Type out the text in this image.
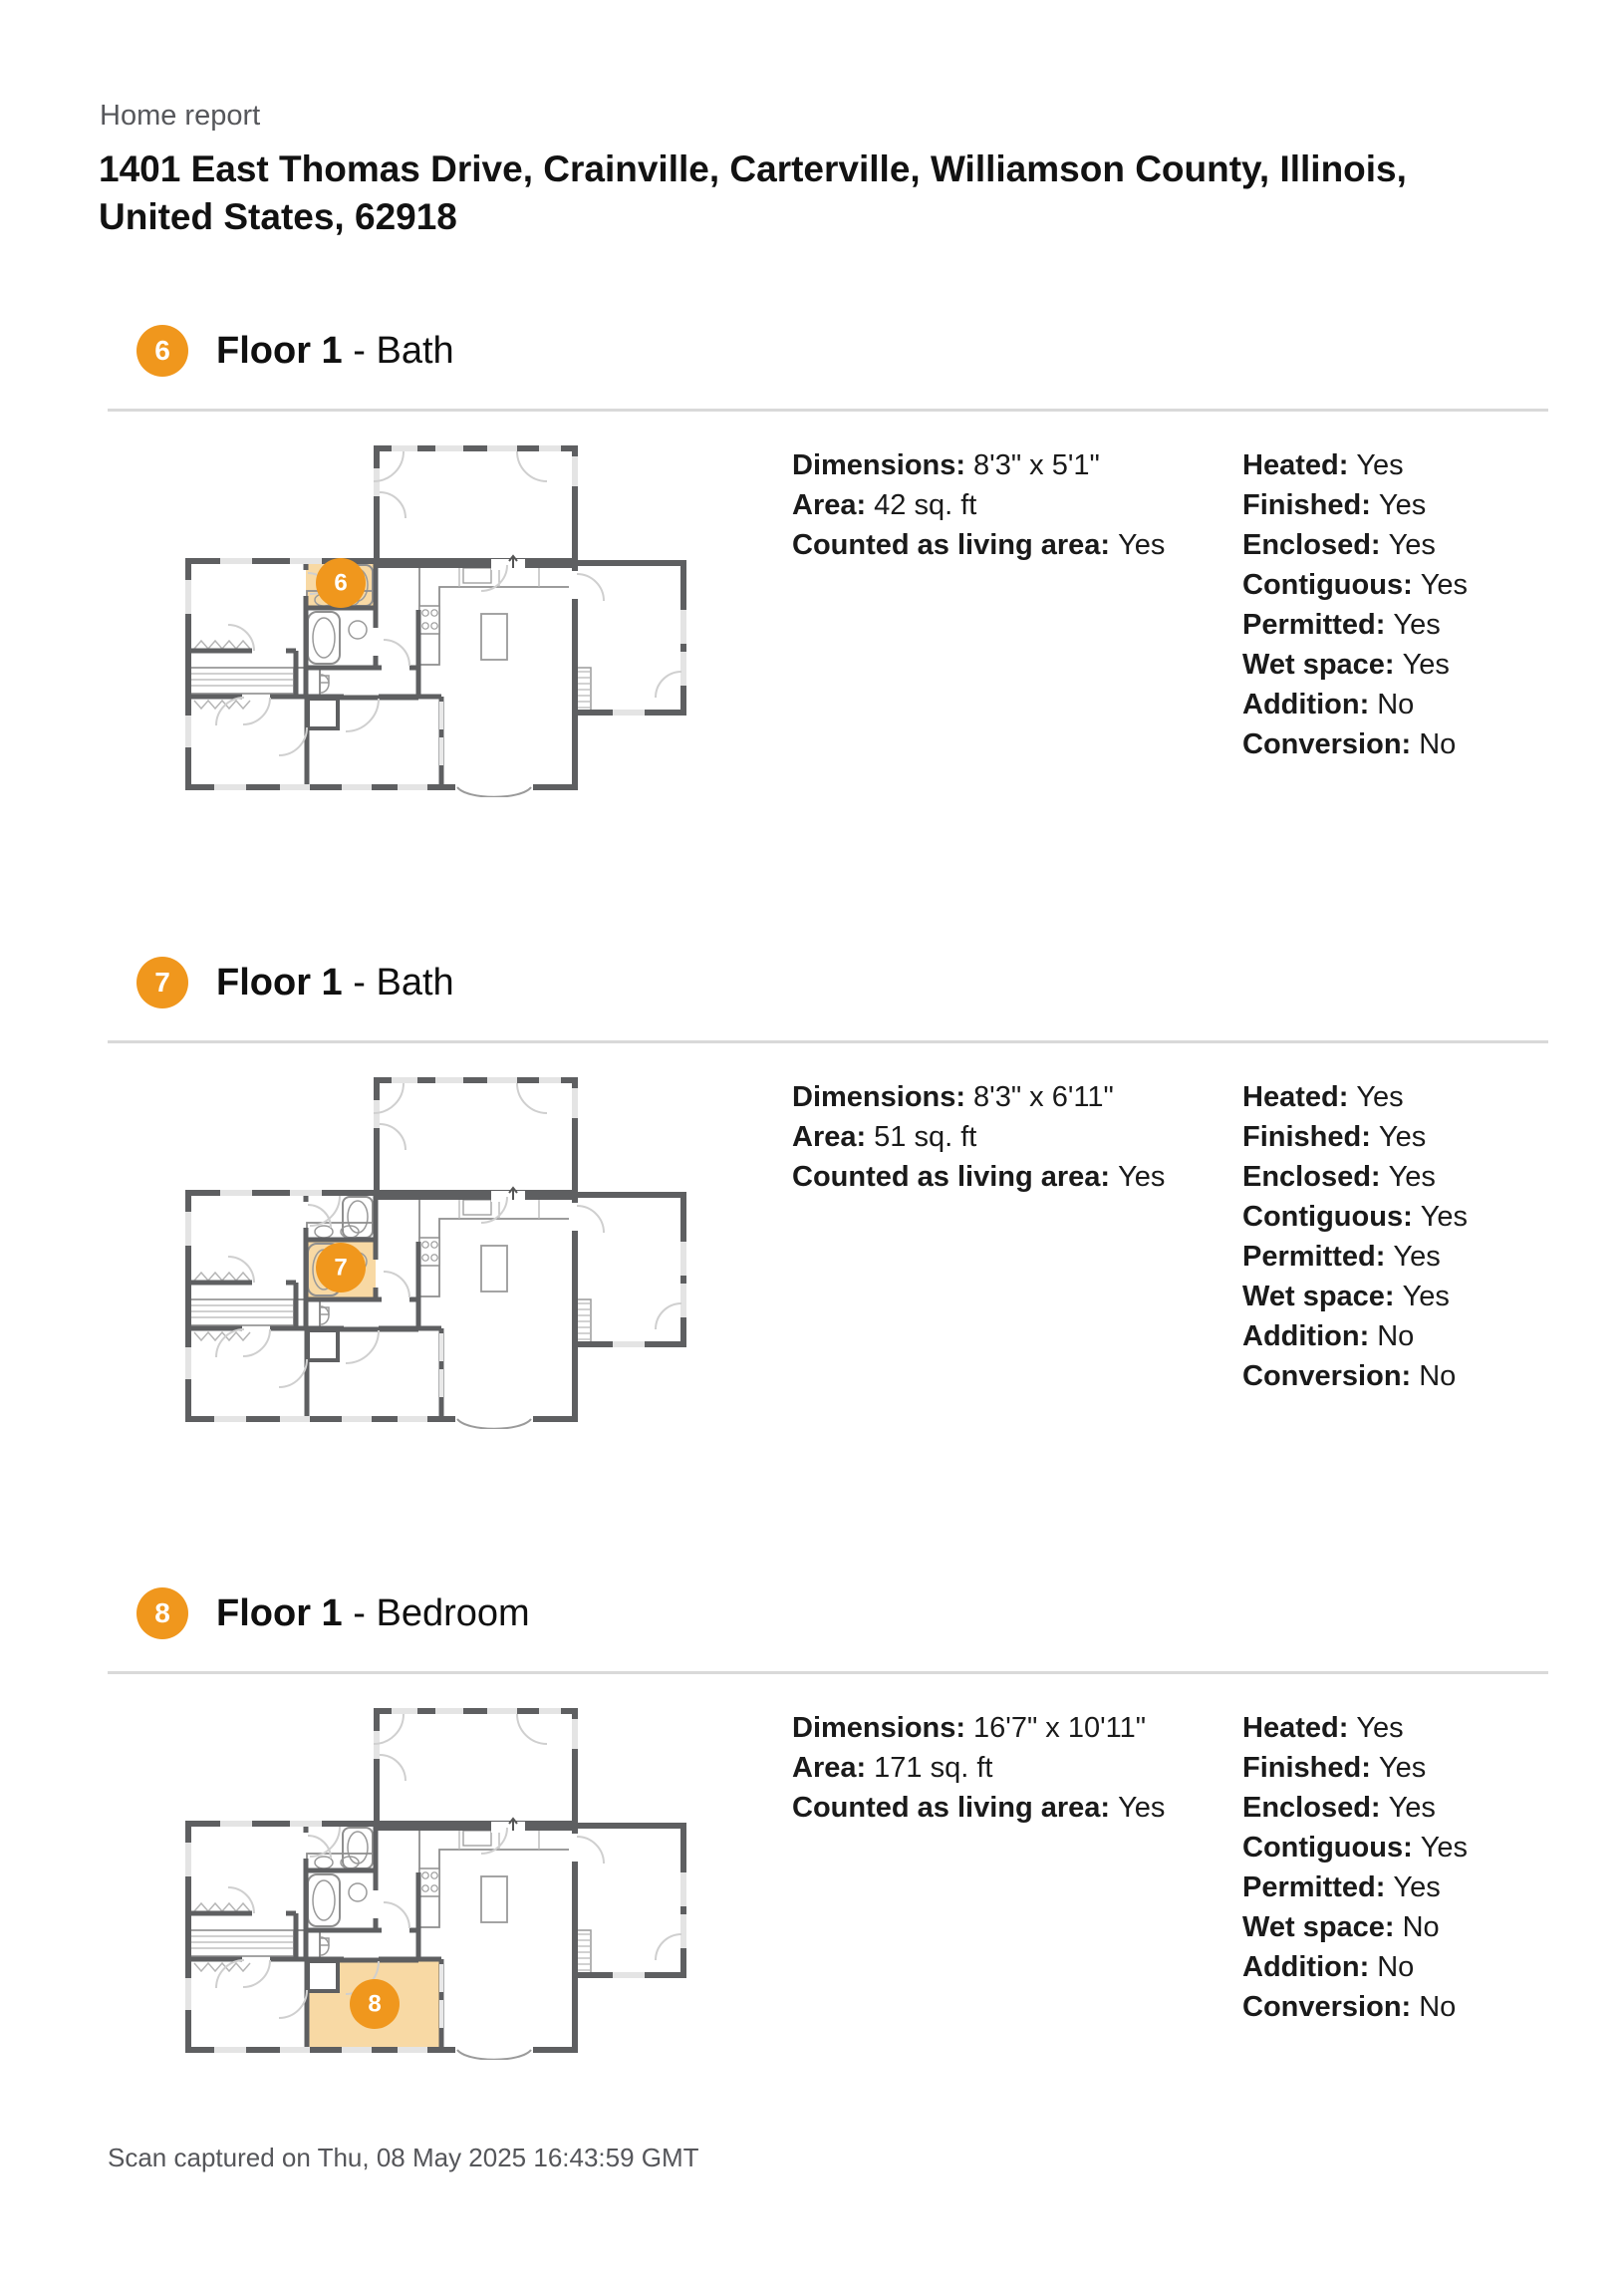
Home report
1401 East Thomas Drive, Crainville, Carterville, Williamson County, Illinois, United States, 62918
6 Floor 1 - Bath
6
Dimensions: 8'3" x 5'1"
Area: 42 sq. ft
Counted as living area: Yes
Heated: Yes
Finished: Yes
Enclosed: Yes
Contiguous: Yes
Permitted: Yes
Wet space: Yes
Addition: No
Conversion: No
7 Floor 1 - Bath
7
Dimensions: 8'3" x 6'11"
Area: 51 sq. ft
Counted as living area: Yes
Heated: Yes
Finished: Yes
Enclosed: Yes
Contiguous: Yes
Permitted: Yes
Wet space: Yes
Addition: No
Conversion: No
8 Floor 1 - Bedroom
8
Dimensions: 16'7" x 10'11"
Area: 171 sq. ft
Counted as living area: Yes
Heated: Yes
Finished: Yes
Enclosed: Yes
Contiguous: Yes
Permitted: Yes
Wet space: No
Addition: No
Conversion: No
Scan captured on Thu, 08 May 2025 16:43:59 GMT
